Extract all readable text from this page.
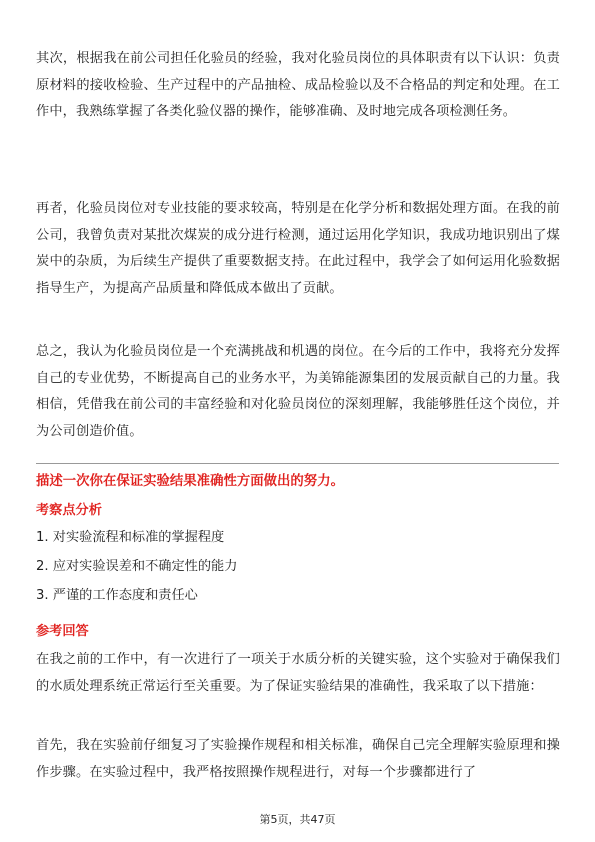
其次，根据我在前公司担任化验员的经验，我对化验员岗位的具体职责有以下认识：负责原材料的接收检验、生产过程中的产品抽检、成品检验以及不合格品的判定和处理。在工作中，我熟练掌握了各类化验仪器的操作，能够准确、及时地完成各项检测任务。

再者，化验员岗位对专业技能的要求较高，特别是在化学分析和数据处理方面。在我的前公司，我曾负责对某批次煤炭的成分进行检测，通过运用化学知识，我成功地识别出了煤炭中的杂质，为后续生产提供了重要数据支持。在此过程中，我学会了如何运用化验数据指导生产，为提高产品质量和降低成本做出了贡献。

总之，我认为化验员岗位是一个充满挑战和机遇的岗位。在今后的工作中，我将充分发挥自己的专业优势，不断提高自己的业务水平，为美锦能源集团的发展贡献自己的力量。我相信，凭借我在前公司的丰富经验和对化验员岗位的深刻理解，我能够胜任这个岗位，并为公司创造价值。

描述一次你在保证实验结果准确性方面做出的努力。

考察点分析

1. 对实验流程和标准的掌握程度

2. 应对实验误差和不确定性的能力

3. 严谨的工作态度和责任心

参考回答

在我之前的工作中，有一次进行了一项关于水质分析的关键实验，这个实验对于确保我们的水质处理系统正常运行至关重要。为了保证实验结果的准确性，我采取了以下措施：

首先，我在实验前仔细复习了实验操作规程和相关标准，确保自己完全理解实验原理和操作步骤。在实验过程中，我严格按照操作规程进行，对每一个步骤都进行了

第5页，共47页
